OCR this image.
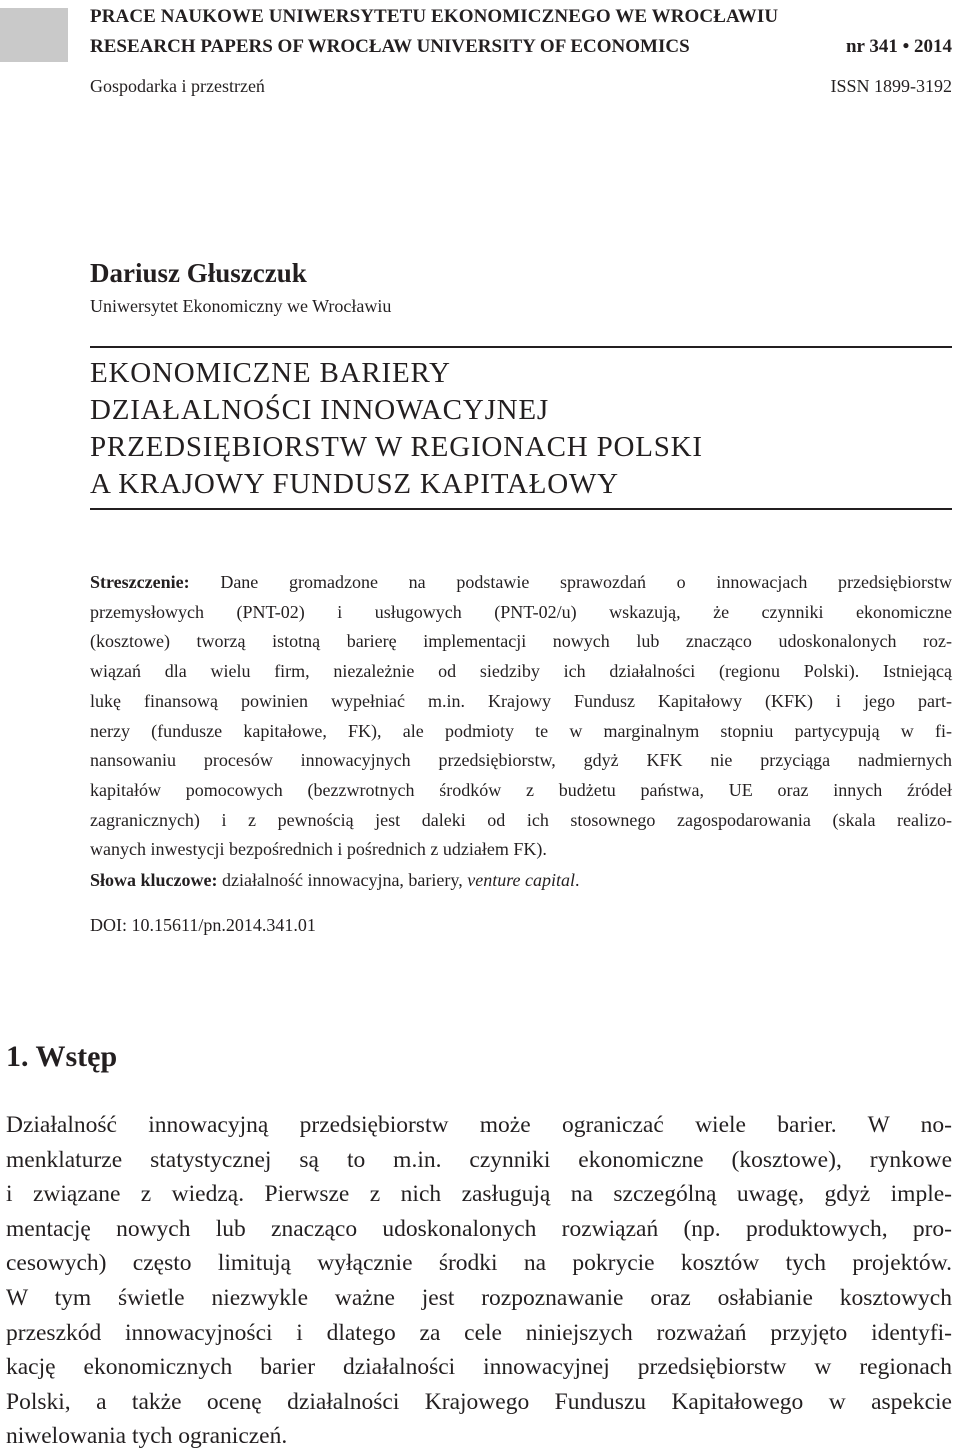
PRACE NAUKOWE UNIWERSYTETU EKONOMICZNEGO WE WROCŁAWIU
RESEARCH PAPERS OF WROCŁAW UNIVERSITY OF ECONOMICS	nr 341 • 2014
Gospodarka i przestrzeń	ISSN 1899-3192
Dariusz Głuszczuk
Uniwersytet Ekonomiczny we Wrocławiu
EKONOMICZNE BARIERY
DZIAŁALNOŚCI INNOWACYJNEJ
PRZEDSIĘBIORSTW W REGIONACH POLSKI
A KRAJOWY FUNDUSZ KAPITAŁOWY
Streszczenie: Dane gromadzone na podstawie sprawozdań o innowacjach przedsiębiorstw
przemysłowych (PNT-02) i usługowych (PNT-02/u) wskazują, że czynniki ekonomiczne
(kosztowe) tworzą istotną barierę implementacji nowych lub znacząco udoskonalonych roz-
wiązań dla wielu firm, niezależnie od siedziby ich działalności (regionu Polski). Istniejącą
lukę finansową powinien wypełniać m.in. Krajowy Fundusz Kapitałowy (KFK) i jego part-
nerzy (fundusze kapitałowe, FK), ale podmioty te w marginalnym stopniu partycypują w fi-
nansowaniu procesów innowacyjnych przedsiębiorstw, gdyż KFK nie przyciąga nadmiernych
kapitałów pomocowych (bezzwrotnych środków z budżetu państwa, UE oraz innych źródeł
zagranicznych) i z pewnością jest daleki od ich stosownego zagospodarowania (skala realizo-
wanych inwestycji bezpośrednich i pośrednich z udziałem FK).
Słowa kluczowe: działalność innowacyjna, bariery, venture capital.
DOI: 10.15611/pn.2014.341.01
1. Wstęp
Działalność innowacyjną przedsiębiorstw może ograniczać wiele barier. W no-
menklaturze statystycznej są to m.in. czynniki ekonomiczne (kosztowe), rynkowe
i związane z wiedzą. Pierwsze z nich zasługują na szczególną uwagę, gdyż imple-
mentację nowych lub znacząco udoskonalonych rozwiązań (np. produktowych, pro-
cesowych) często limitują wyłącznie środki na pokrycie kosztów tych projektów.
W tym świetle niezwykle ważne jest rozpoznawanie oraz osłabianie kosztowych
przeszkód innowacyjności i dlatego za cele niniejszych rozważań przyjęto identyfi-
kację ekonomicznych barier działalności innowacyjnej przedsiębiorstw w regionach
Polski, a także ocenę działalności Krajowego Funduszu Kapitałowego w aspekcie
niwelowania tych ograniczeń.
